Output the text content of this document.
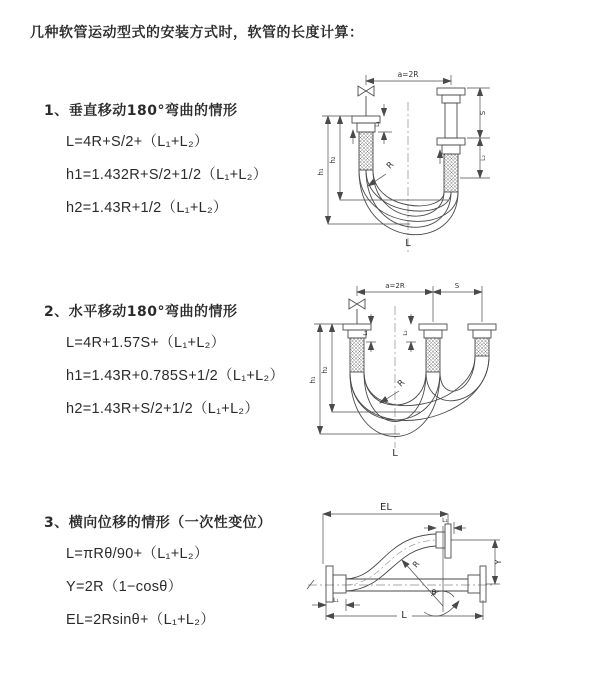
几种软管运动型式的安装方式时，软管的长度计算：
1、垂直移动180°弯曲的情形
L=4R+S/2+（L₁+L₂）
h1=1.432R+S/2+1/2（L₁+L₂）
h2=1.43R+1/2（L₁+L₂）
2、水平移动180°弯曲的情形
L=4R+1.57S+（L₁+L₂）
h1=1.43R+0.785S+1/2（L₁+L₂）
h2=1.43R+S/2+1/2（L₁+L₂）
3、横向位移的情形（一次性变位）
L=πRθ/90+（L₁+L₂）
Y=2R（1−cosθ）
EL=2Rsinθ+（L₁+L₂）
a=2R
h₁
h₂
L₁
S
L₂
R
L
a=2R	S
h₁
h₂
L₁	L₂
R
L
EL
L₁
Y
R
θ
L
L₁
